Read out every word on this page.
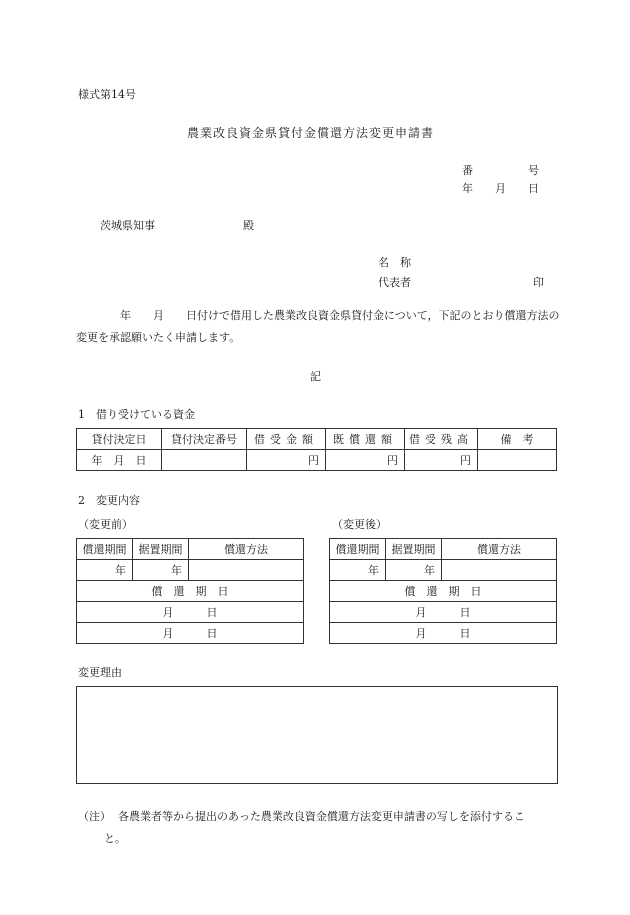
様式第14号
農業改良資金県貸付金償還方法変更申請書
番　　　　　号
年　　月　　日
茨城県知事	殿
名　称
代表者	印
　　　　年　　月　　日付けで借用した農業改良資金県貸付金について，下記のとおり償還方法の変更を承認願いたく申請します。
記
1　借り受けている資金
貸付決定日	貸付決定番号	借受金額	既償還額	借受残高	備　考
年　月　日		円	円	円	
2　変更内容
（変更前）	（変更後）
償還期間	据置期間	償還方法
年	年	
償　還　期　日		
月　　　日		
月　　　日		
償還期間	据置期間	償還方法
年	年	
償　還　期　日		
月　　　日		
月　　　日		
変更理由
（注） 各農業者等から提出のあった農業改良資金償還方法変更申請書の写しを添付するこ
と。
